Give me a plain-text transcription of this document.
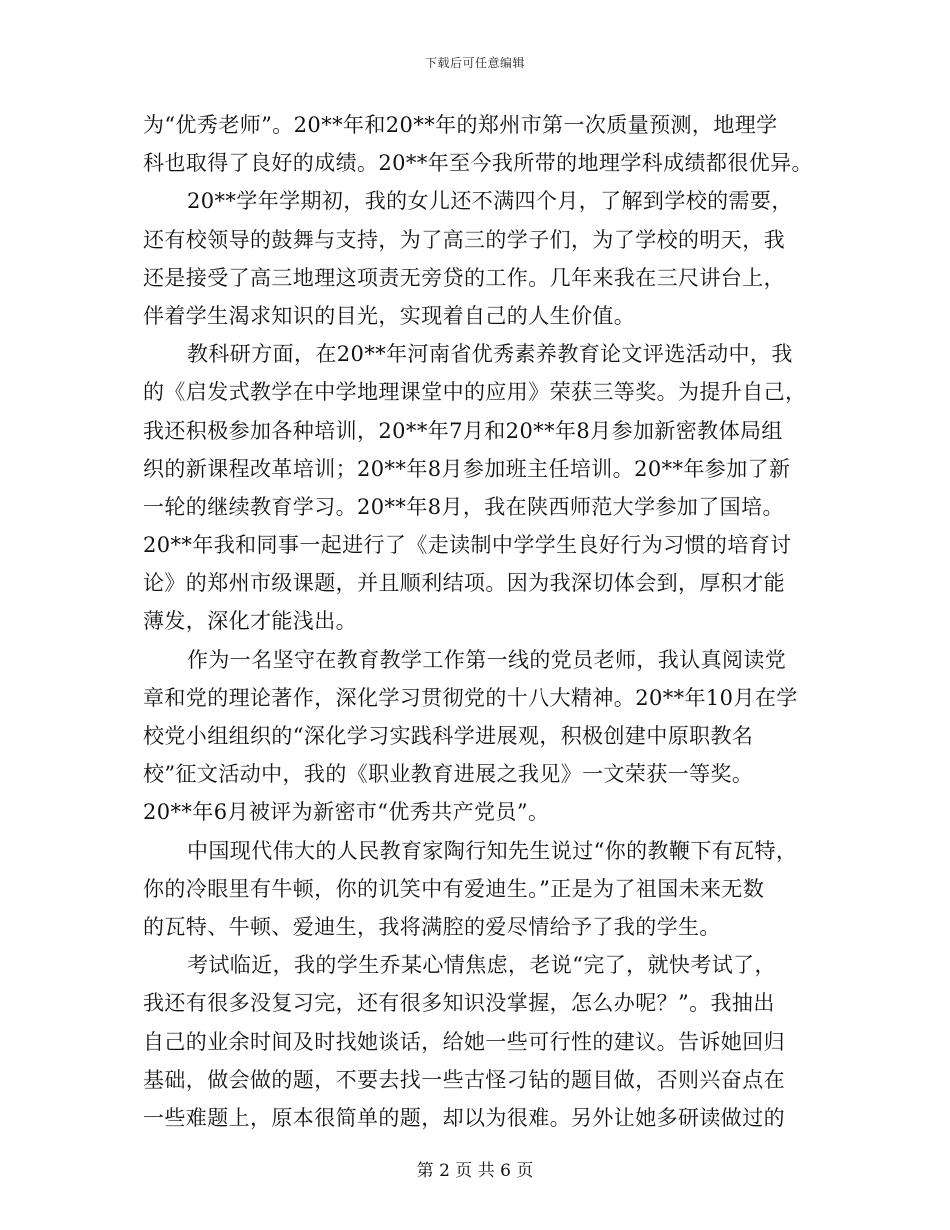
下载后可任意编辑
为“优秀老师”。20**年和20**年的郑州市第一次质量预测，地理学
科也取得了良好的成绩。20**年至今我所带的地理学科成绩都很优异。
20**学年学期初，我的女儿还不满四个月，了解到学校的需要，
还有校领导的鼓舞与支持，为了高三的学子们，为了学校的明天，我
还是接受了高三地理这项责无旁贷的工作。几年来我在三尺讲台上，
伴着学生渴求知识的目光，实现着自己的人生价值。
教科研方面，在20**年河南省优秀素养教育论文评选活动中，我
的《启发式教学在中学地理课堂中的应用》荣获三等奖。为提升自己，
我还积极参加各种培训，20**年7月和20**年8月参加新密教体局组
织的新课程改革培训；20**年8月参加班主任培训。20**年参加了新
一轮的继续教育学习。20**年8月，我在陕西师范大学参加了国培。
20**年我和同事一起进行了《走读制中学学生良好行为习惯的培育讨
论》的郑州市级课题，并且顺利结项。因为我深切体会到，厚积才能
薄发，深化才能浅出。
作为一名坚守在教育教学工作第一线的党员老师，我认真阅读党
章和党的理论著作，深化学习贯彻党的十八大精神。20**年10月在学
校党小组组织的“深化学习实践科学进展观，积极创建中原职教名
校”征文活动中，我的《职业教育进展之我见》一文荣获一等奖。
20**年6月被评为新密市“优秀共产党员”。
中国现代伟大的人民教育家陶行知先生说过“你的教鞭下有瓦特，
你的冷眼里有牛顿，你的讥笑中有爱迪生。”正是为了祖国未来无数
的瓦特、牛顿、爱迪生，我将满腔的爱尽情给予了我的学生。
考试临近，我的学生乔某心情焦虑，老说“完了，就快考试了，
我还有很多没复习完，还有很多知识没掌握，怎么办呢？”。我抽出
自己的业余时间及时找她谈话，给她一些可行性的建议。告诉她回归
基础，做会做的题，不要去找一些古怪刁钻的题目做，否则兴奋点在
一些难题上，原本很简单的题，却以为很难。另外让她多研读做过的
第 2 页 共 6 页
